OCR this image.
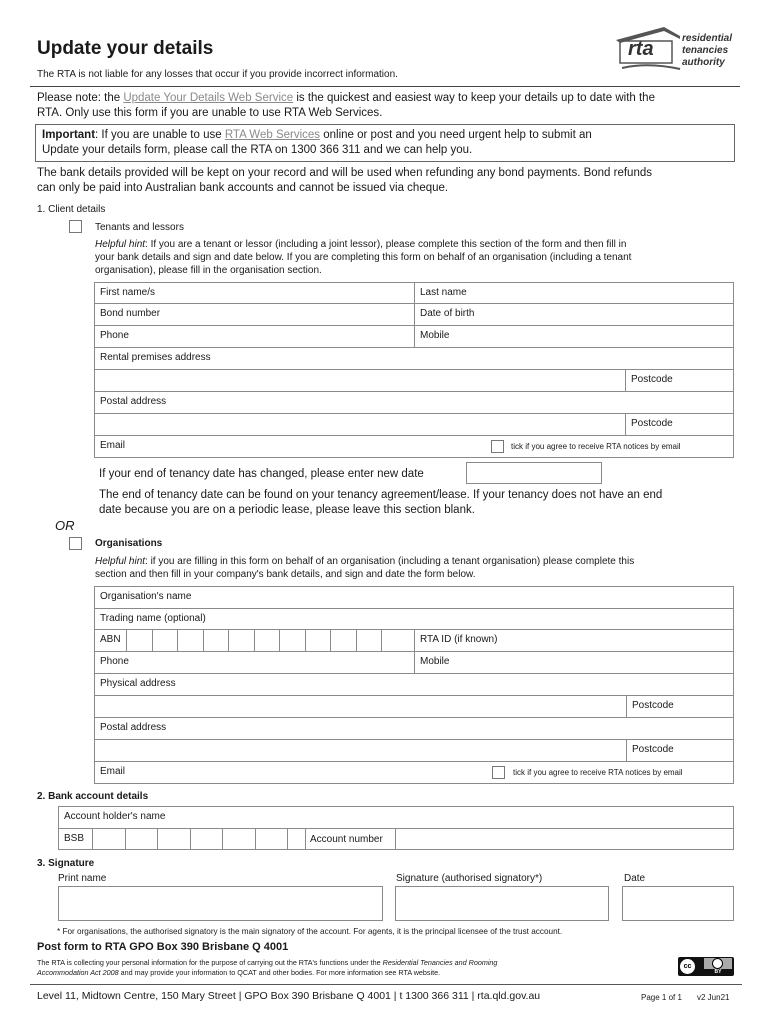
Update your details
The RTA is not liable for any losses that occur if you provide incorrect information.
rta	residential
tenancies
authority
Please note: the Update Your Details Web Service is the quickest and easiest way to keep your details up to date with the
RTA. Only use this form if you are unable to use RTA Web Services.
Important: If you are unable to use RTA Web Services online or post and you need urgent help to submit an
Update your details form, please call the RTA on 1300 366 311 and we can help you.
The bank details provided will be kept on your record and will be used when refunding any bond payments. Bond refunds
can only be paid into Australian bank accounts and cannot be issued via cheque.
1. Client details
Tenants and lessors
Helpful hint: If you are a tenant or lessor (including a joint lessor), please complete this section of the form and then fill in
your bank details and sign and date below. If you are completing this form on behalf of an organisation (including a tenant
organisation), please fill in the organisation section.
First name/s	Last name
Bond number	Date of birth
Phone	Mobile
Rental premises address
Postcode
Postal address
Postcode
Email	tick if you agree to receive RTA notices by email
If your end of tenancy date has changed, please enter new date
The end of tenancy date can be found on your tenancy agreement/lease. If your tenancy does not have an end
date because you are on a periodic lease, please leave this section blank.
OR
Organisations
Helpful hint: if you are filling in this form on behalf of an organisation (including a tenant organisation) please complete this
section and then fill in your company's bank details, and sign and date the form below.
Organisation's name
Trading name (optional)
ABN	RTA ID (if known)
Phone	Mobile
Physical address
Postcode
Postal address
Postcode
Email	tick if you agree to receive RTA notices by email
2. Bank account details
Account holder's name
BSB	Account number
3. Signature
Print name	Signature (authorised signatory*)	Date
* For organisations, the authorised signatory is the main signatory of the account. For agents, it is the principal licensee of the trust account.
Post form to RTA GPO Box 390 Brisbane Q 4001
The RTA is collecting your personal information for the purpose of carrying out the RTA's functions under the Residential Tenancies and Rooming
Accommodation Act 2008 and may provide your information to QCAT and other bodies. For more information see RTA website.
cc
BY
Level 11, Midtown Centre, 150 Mary Street | GPO Box 390 Brisbane Q 4001 | t 1300 366 311 | rta.qld.gov.au	Page 1 of 1 v2 Jun21
